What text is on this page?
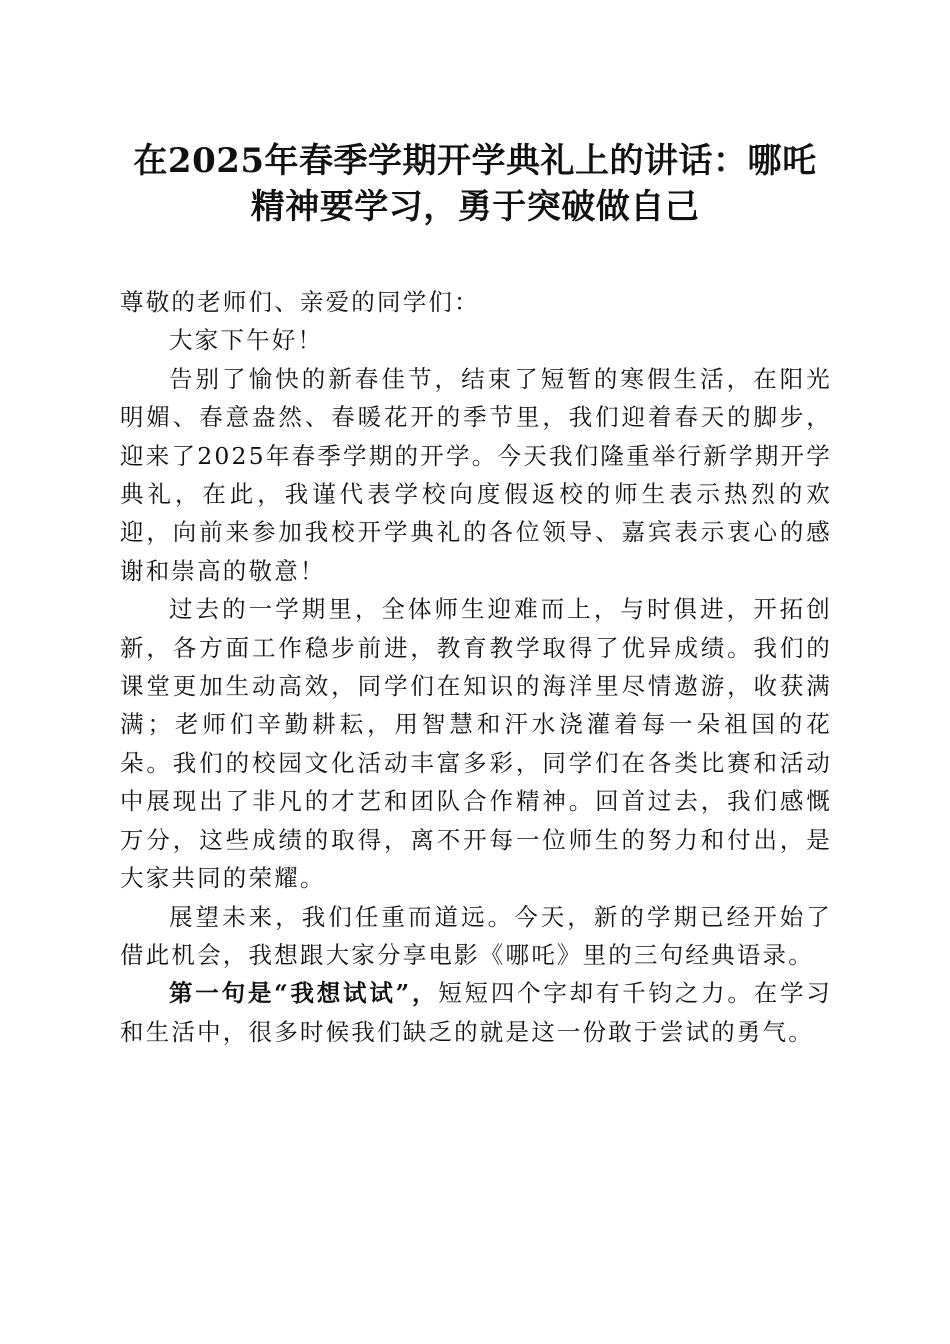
在2025年春季学期开学典礼上的讲话：哪吒
精神要学习，勇于突破做自己

尊敬的老师们、亲爱的同学们：

大家下午好！

告别了愉快的新春佳节，结束了短暂的寒假生活，在阳光明媚、春意盎然、春暖花开的季节里，我们迎着春天的脚步，迎来了2025年春季学期的开学。今天我们隆重举行新学期开学典礼，在此，我谨代表学校向度假返校的师生表示热烈的欢迎，向前来参加我校开学典礼的各位领导、嘉宾表示衷心的感谢和崇高的敬意！

过去的一学期里，全体师生迎难而上，与时俱进，开拓创新，各方面工作稳步前进，教育教学取得了优异成绩。我们的课堂更加生动高效，同学们在知识的海洋里尽情遨游，收获满满；老师们辛勤耕耘，用智慧和汗水浇灌着每一朵祖国的花朵。我们的校园文化活动丰富多彩，同学们在各类比赛和活动中展现出了非凡的才艺和团队合作精神。回首过去，我们感慨万分，这些成绩的取得，离不开每一位师生的努力和付出，是大家共同的荣耀。

展望未来，我们任重而道远。今天，新的学期已经开始了借此机会，我想跟大家分享电影《哪吒》里的三句经典语录。

第一句是“我想试试”，短短四个字却有千钧之力。在学习和生活中，很多时候我们缺乏的就是这一份敢于尝试的勇气。
